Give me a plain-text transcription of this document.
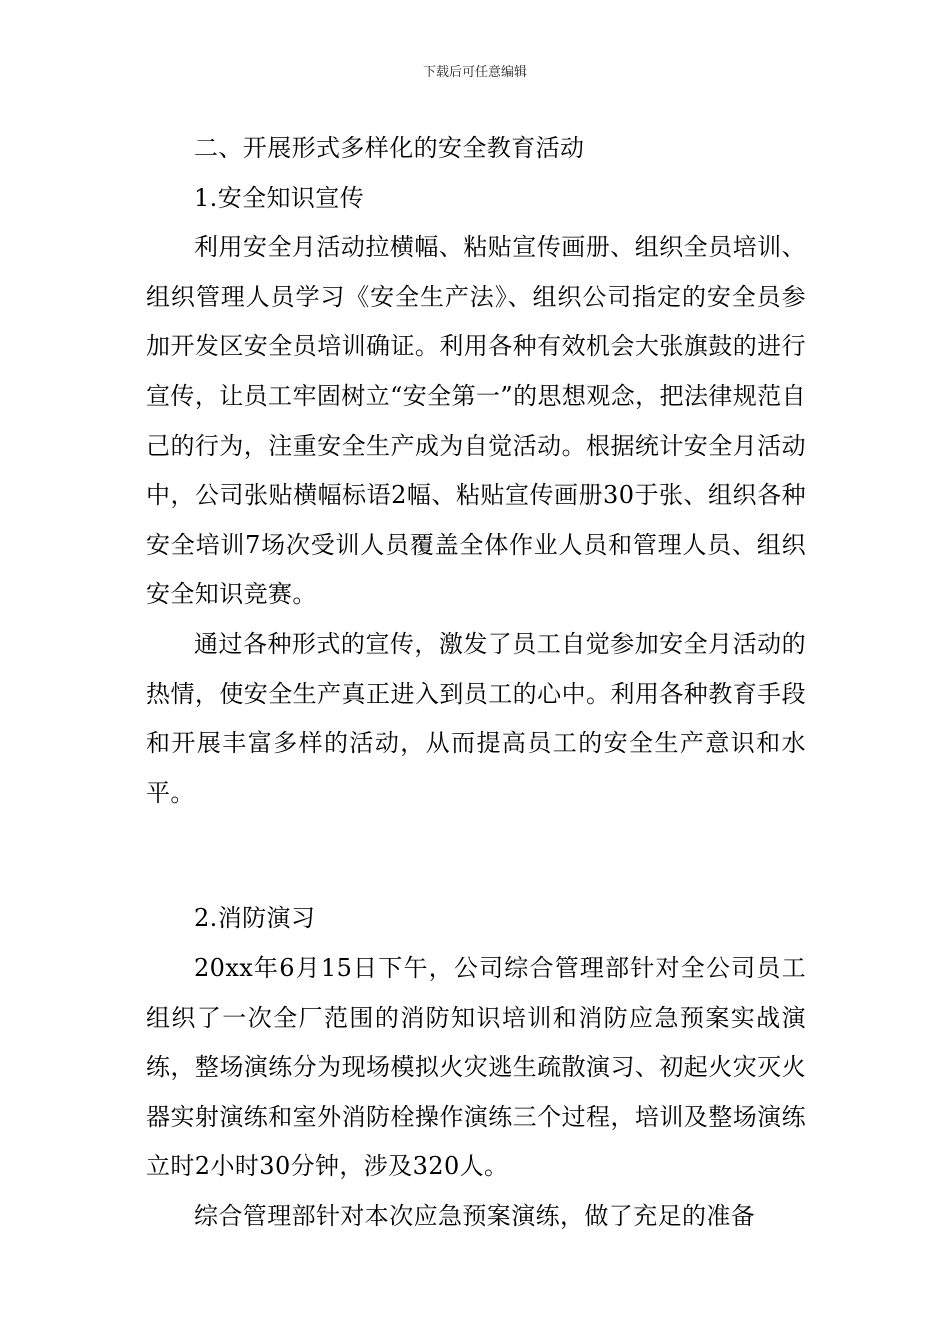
下载后可任意编辑

二、开展形式多样化的安全教育活动

1.安全知识宣传

利用安全月活动拉横幅、粘贴宣传画册、组织全员培训、组织管理人员学习《安全生产法》、组织公司指定的安全员参加开发区安全员培训确证。利用各种有效机会大张旗鼓的进行宣传，让员工牢固树立“安全第一”的思想观念，把法律规范自己的行为，注重安全生产成为自觉活动。根据统计安全月活动中，公司张贴横幅标语2幅、粘贴宣传画册30于张、组织各种安全培训7场次受训人员覆盖全体作业人员和管理人员、组织安全知识竞赛。

通过各种形式的宣传，激发了员工自觉参加安全月活动的热情，使安全生产真正进入到员工的心中。利用各种教育手段和开展丰富多样的活动，从而提高员工的安全生产意识和水平。

2.消防演习

20xx年6月15日下午，公司综合管理部针对全公司员工组织了一次全厂范围的消防知识培训和消防应急预案实战演练，整场演练分为现场模拟火灾逃生疏散演习、初起火灾灭火器实射演练和室外消防栓操作演练三个过程，培训及整场演练立时2小时30分钟，涉及320人。

综合管理部针对本次应急预案演练，做了充足的准备
